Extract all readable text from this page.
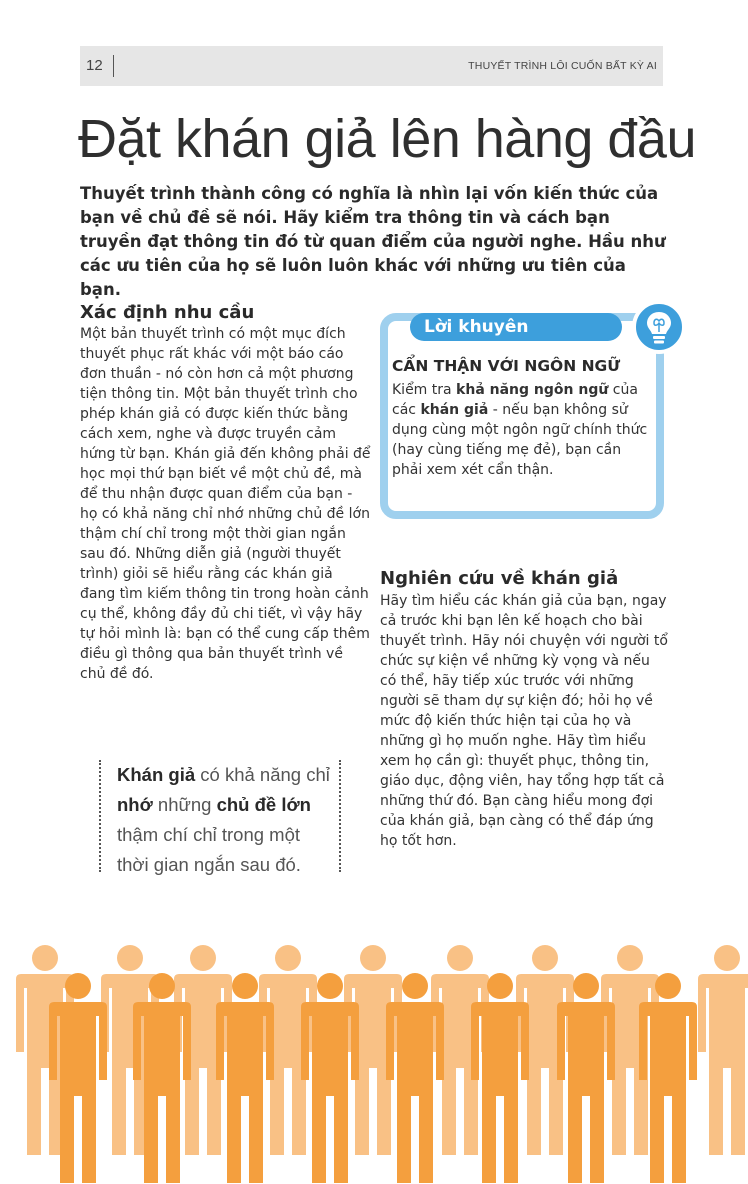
12	THUYẾT TRÌNH LÔI CUỐN BẤT KỲ AI
Đặt khán giả lên hàng đầu

Thuyết trình thành công có nghĩa là nhìn lại vốn kiến thức của bạn về chủ đề sẽ nói. Hãy kiểm tra thông tin và cách bạn truyền đạt thông tin đó từ quan điểm của người nghe. Hầu như các ưu tiên của họ sẽ luôn luôn khác với những ưu tiên của bạn.

Xác định nhu cầu

Một bản thuyết trình có một mục đích thuyết phục rất khác với một báo cáo đơn thuần - nó còn hơn cả một phương tiện thông tin. Một bản thuyết trình cho phép khán giả có được kiến thức bằng cách xem, nghe và được truyền cảm hứng từ bạn. Khán giả đến không phải để học mọi thứ bạn biết về một chủ đề, mà để thu nhận được quan điểm của bạn - họ có khả năng chỉ nhớ những chủ đề lớn thậm chí chỉ trong một thời gian ngắn sau đó. Những diễn giả (người thuyết trình) giỏi sẽ hiểu rằng các khán giả đang tìm kiếm thông tin trong hoàn cảnh cụ thể, không đầy đủ chi tiết, vì vậy hãy tự hỏi mình là: bạn có thể cung cấp thêm điều gì thông qua bản thuyết trình về chủ đề đó.

Lời khuyên
CẨN THẬN VỚI NGÔN NGỮ

Kiểm tra khả năng ngôn ngữ của các khán giả - nếu bạn không sử dụng cùng một ngôn ngữ chính thức (hay cùng tiếng mẹ đẻ), bạn cần phải xem xét cẩn thận.

Nghiên cứu về khán giả

Hãy tìm hiểu các khán giả của bạn, ngay cả trước khi bạn lên kế hoạch cho bài thuyết trình. Hãy nói chuyện với người tổ chức sự kiện về những kỳ vọng và nếu có thể, hãy tiếp xúc trước với những người sẽ tham dự sự kiện đó; hỏi họ về mức độ kiến thức hiện tại của họ và những gì họ muốn nghe. Hãy tìm hiểu xem họ cần gì: thuyết phục, thông tin, giáo dục, động viên, hay tổng hợp tất cả những thứ đó. Bạn càng hiểu mong đợi của khán giả, bạn càng có thể đáp ứng họ tốt hơn.

Khán giả có khả năng chỉ nhớ những chủ đề lớn thậm chí chỉ trong một thời gian ngắn sau đó.
